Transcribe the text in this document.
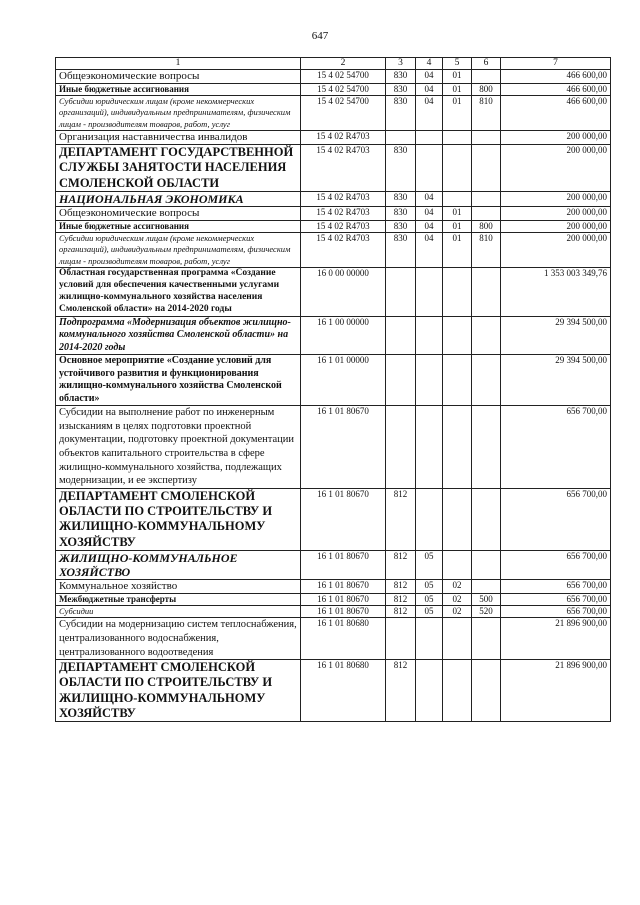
647
1	2	3	4	5	6	7
Общеэкономические вопросы	15 4 02 54700	830	04	01		466 600,00
Иные бюджетные ассигнования	15 4 02 54700	830	04	01	800	466 600,00
Субсидии юридическим лицам (кроме некоммерческих организаций), индивидуальным предпринимателям, физическим лицам - производителям товаров, работ, услуг	15 4 02 54700	830	04	01	810	466 600,00
Организация наставничества инвалидов	15 4 02 R4703					200 000,00
ДЕПАРТАМЕНТ ГОСУДАРСТВЕННОЙ СЛУЖБЫ ЗАНЯТОСТИ НАСЕЛЕНИЯ СМОЛЕНСКОЙ ОБЛАСТИ	15 4 02 R4703	830				200 000,00
НАЦИОНАЛЬНАЯ ЭКОНОМИКА	15 4 02 R4703	830	04			200 000,00
Общеэкономические вопросы	15 4 02 R4703	830	04	01		200 000,00
Иные бюджетные ассигнования	15 4 02 R4703	830	04	01	800	200 000,00
Субсидии юридическим лицам (кроме некоммерческих организаций), индивидуальным предпринимателям, физическим лицам - производителям товаров, работ, услуг	15 4 02 R4703	830	04	01	810	200 000,00
Областная государственная программа «Создание условий для обеспечения качественными услугами жилищно-коммунального хозяйства населения Смоленской области» на 2014-2020 годы	16 0 00 00000					1 353 003 349,76
Подпрограмма «Модернизация объектов жилищно-коммунального хозяйства Смоленской области» на 2014-2020 годы	16 1 00 00000					29 394 500,00
Основное мероприятие «Создание условий для устойчивого развития и функционирования жилищно-коммунального хозяйства Смоленской области»	16 1 01 00000					29 394 500,00
Субсидии на выполнение работ по инженерным изысканиям в целях подготовки проектной документации, подготовку проектной документации объектов капитального строительства в сфере жилищно-коммунального хозяйства, подлежащих модернизации, и ее экспертизу	16 1 01 80670					656 700,00
ДЕПАРТАМЕНТ СМОЛЕНСКОЙ ОБЛАСТИ ПО СТРОИТЕЛЬСТВУ И ЖИЛИЩНО-КОММУНАЛЬНОМУ ХОЗЯЙСТВУ	16 1 01 80670	812				656 700,00
ЖИЛИЩНО-КОММУНАЛЬНОЕ ХОЗЯЙСТВО	16 1 01 80670	812	05			656 700,00
Коммунальное хозяйство	16 1 01 80670	812	05	02		656 700,00
Межбюджетные трансферты	16 1 01 80670	812	05	02	500	656 700,00
Субсидии	16 1 01 80670	812	05	02	520	656 700,00
Субсидии на модернизацию систем теплоснабжения, централизованного водоснабжения, централизованного водоотведения	16 1 01 80680					21 896 900,00
ДЕПАРТАМЕНТ СМОЛЕНСКОЙ ОБЛАСТИ ПО СТРОИТЕЛЬСТВУ И ЖИЛИЩНО-КОММУНАЛЬНОМУ ХОЗЯЙСТВУ	16 1 01 80680	812				21 896 900,00
